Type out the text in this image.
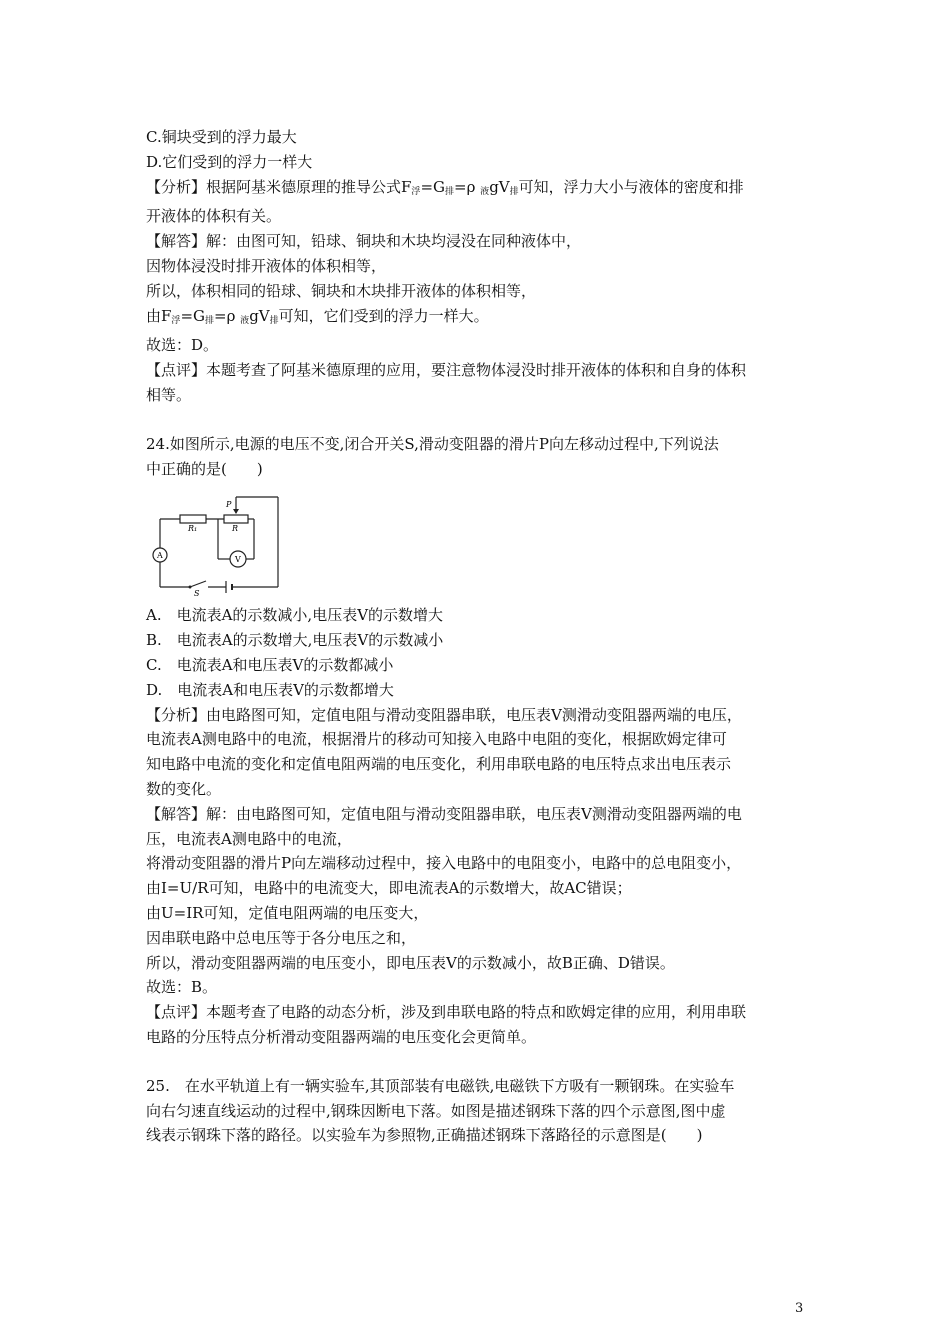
C.铜块受到的浮力最大

D.它们受到的浮力一样大

【分析】根据阿基米德原理的推导公式$F_浮=G_排=\rho$ $_液gV_排$可知，浮力大小与液体的密度和排

开液体的体积有关。

【解答】解：由图可知，铅球、铜块和木块均浸没在同种液体中，

因物体浸没时排开液体的体积相等，

所以，体积相同的铅球、铜块和木块排开液体的体积相等，

由$F_浮=G_排=\rho$ $_液gV_排$可知，它们受到的浮力一样大。

故选：D。

【点评】本题考查了阿基米德原理的应用，要注意物体浸没时排开液体的体积和自身的体积

相等。

24.如图所示,电源的电压不变,闭合开关S,滑动变阻器的滑片P向左移动过程中,下列说法

中正确的是(　　)

R₁	R
P
A	V
S

A.　电流表A的示数减小,电压表V的示数增大

B.　电流表A的示数增大,电压表V的示数减小

C.　电流表A和电压表V的示数都减小

D.　电流表A和电压表V的示数都增大

【分析】由电路图可知，定值电阻与滑动变阻器串联，电压表V测滑动变阻器两端的电压，

电流表A测电路中的电流，根据滑片的移动可知接入电路中电阻的变化，根据欧姆定律可

知电路中电流的变化和定值电阻两端的电压变化，利用串联电路的电压特点求出电压表示

数的变化。

【解答】解：由电路图可知，定值电阻与滑动变阻器串联，电压表V测滑动变阻器两端的电

压，电流表A测电路中的电流，

将滑动变阻器的滑片P向左端移动过程中，接入电路中的电阻变小，电路中的总电阻变小，

由I=U/R可知，电路中的电流变大，即电流表A的示数增大，故AC错误；

由U=IR可知，定值电阻两端的电压变大，

因串联电路中总电压等于各分电压之和，

所以，滑动变阻器两端的电压变小，即电压表V的示数减小，故B正确、D错误。

故选：B。

【点评】本题考查了电路的动态分析，涉及到串联电路的特点和欧姆定律的应用，利用串联

电路的分压特点分析滑动变阻器两端的电压变化会更简单。

25.　在水平轨道上有一辆实验车,其顶部装有电磁铁,电磁铁下方吸有一颗钢珠。在实验车

向右匀速直线运动的过程中,钢珠因断电下落。如图是描述钢珠下落的四个示意图,图中虚

线表示钢珠下落的路径。以实验车为参照物,正确描述钢珠下落路径的示意图是(　　)

3
